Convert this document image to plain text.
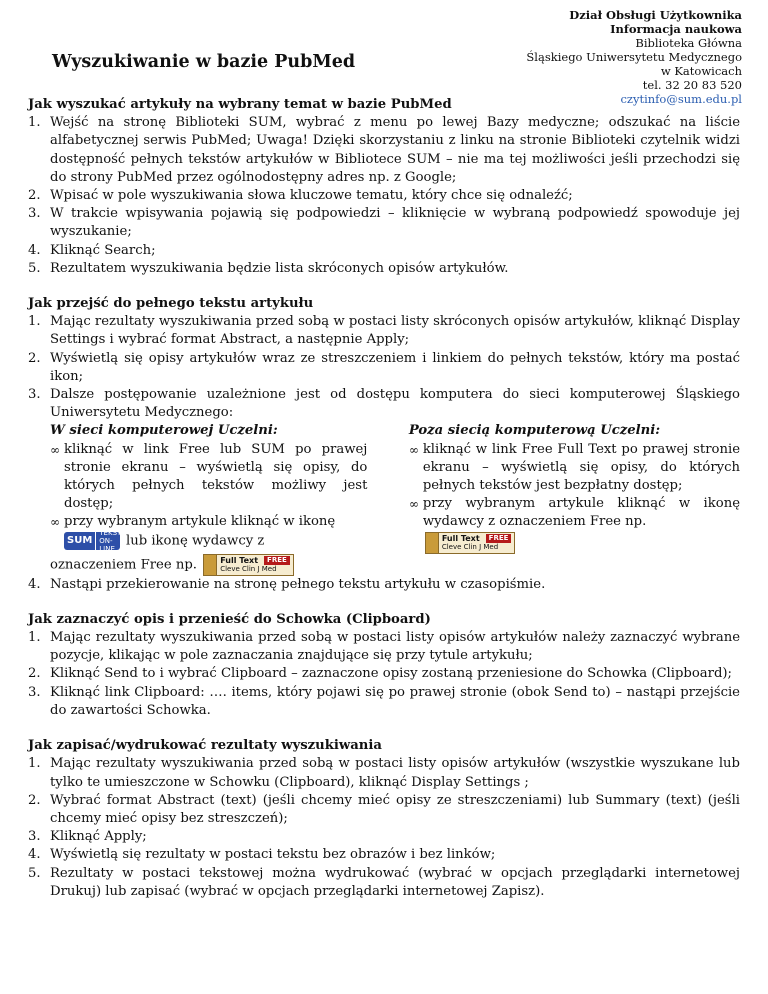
Dział Obsługi Użytkownika
Informacja naukowa
Biblioteka Główna
Śląskiego Uniwersytetu Medycznego
w Katowicach
tel. 32 20 83 520
czytinfo@sum.edu.pl
Wyszukiwanie w bazie PubMed

Jak wyszukać artykuły na wybrany temat w bazie PubMed

1. Wejść na stronę Biblioteki SUM, wybrać z menu po lewej Bazy medyczne; odszukać na liście alfabetycznej serwis PubMed; Uwaga! Dzięki skorzystaniu z linku na stronie Biblioteki czytelnik widzi dostępność pełnych tekstów artykułów w Bibliotece SUM – nie ma tej możliwości jeśli przechodzi się do strony PubMed przez ogólnodostępny adres np. z Google;
2. Wpisać w pole wyszukiwania słowa kluczowe tematu, który chce się odnaleźć;
3. W trakcie wpisywania pojawią się podpowiedzi – kliknięcie w wybraną podpowiedź spowoduje jej wyszukanie;
4. Kliknąć Search;
5. Rezultatem wyszukiwania będzie lista skróconych opisów artykułów.

Jak przejść do pełnego tekstu artykułu

1. Mając rezultaty wyszukiwania przed sobą w postaci listy skróconych opisów artykułów, kliknąć Display Settings i wybrać format Abstract, a następnie Apply;
2. Wyświetlą się opisy artykułów wraz ze streszczeniem i linkiem do pełnych tekstów, który ma postać ikon;
3. Dalsze postępowanie uzależnione jest od dostępu komputera do sieci komputerowej Śląskiego Uniwersytetu Medycznego:
W sieci komputerowej Uczelni:
∞ kliknąć w link Free lub SUM po prawej stronie ekranu – wyświetlą się opisy, do których pełnych tekstów możliwy jest dostęp;
∞ przy wybranym artykule kliknąć w ikonę

SUM
TEKSTY
ON-LINE
lub ikonę wydawcy z
Poza siecią komputerową Uczelni:
∞ kliknąć w link Free Full Text po prawej stronie ekranu – wyświetlą się opisy, do których pełnych tekstów jest bezpłatny dostęp;
∞ przy wybranym artykule kliknąć w ikonę wydawcy z oznaczeniem Free np.

Full Text	FREE
Cleve Clin J Med
oznaczeniem Free np.	Full Text	FREE
Cleve Clin J Med
4. Nastąpi przekierowanie na stronę pełnego tekstu artykułu w czasopiśmie.

Jak zaznaczyć opis i przenieść do Schowka (Clipboard)

1. Mając rezultaty wyszukiwania przed sobą w postaci listy opisów artykułów należy zaznaczyć wybrane pozycje, klikając w pole zaznaczania znajdujące się przy tytule artykułu;
2. Kliknąć Send to i wybrać Clipboard – zaznaczone opisy zostaną przeniesione do Schowka (Clipboard);
3. Kliknąć link Clipboard: …. items, który pojawi się po prawej stronie (obok Send to) – nastąpi przejście do zawartości Schowka.

Jak zapisać/wydrukować rezultaty wyszukiwania

1. Mając rezultaty wyszukiwania przed sobą w postaci listy opisów artykułów (wszystkie wyszukane lub tylko te umieszczone w Schowku (Clipboard), kliknąć Display Settings ;
2. Wybrać format Abstract (text) (jeśli chcemy mieć opisy ze streszczeniami) lub Summary (text) (jeśli chcemy mieć opisy bez streszczeń);
3. Kliknąć Apply;
4. Wyświetlą się rezultaty w postaci tekstu bez obrazów i bez linków;
5. Rezultaty w postaci tekstowej można wydrukować (wybrać w opcjach przeglądarki internetowej Drukuj) lub zapisać (wybrać w opcjach przeglądarki internetowej Zapisz).
